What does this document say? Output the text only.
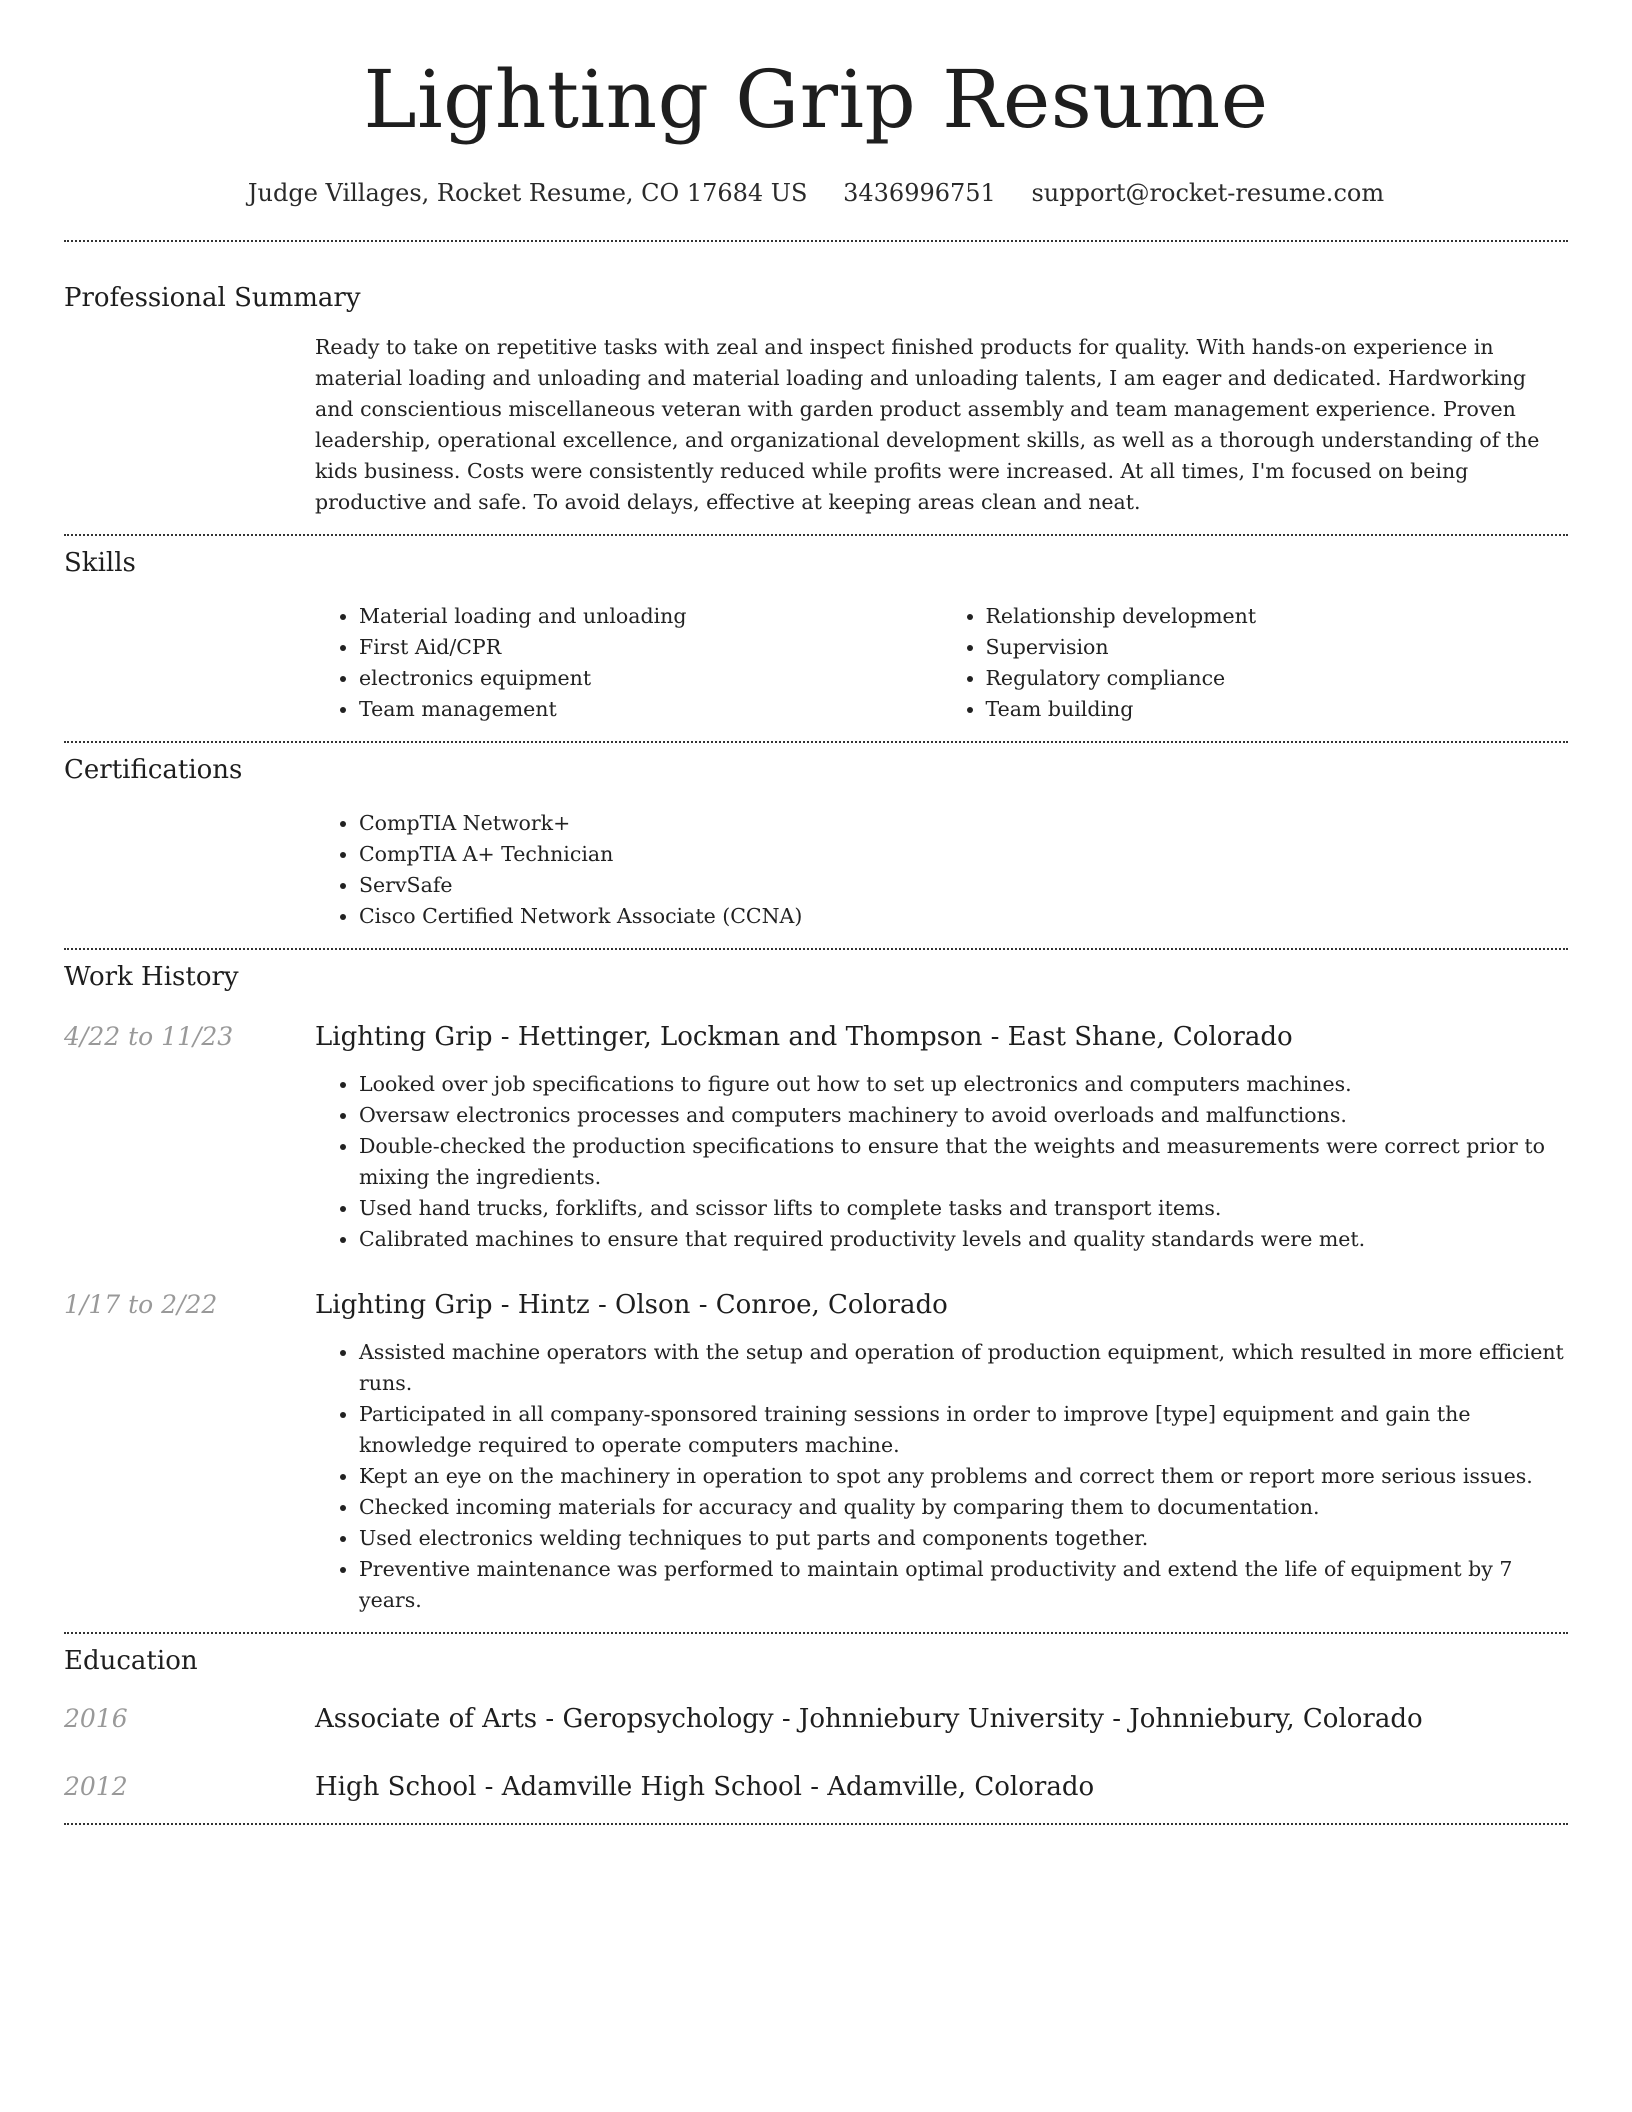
Lighting Grip Resume
Judge Villages, Rocket Resume, CO 17684 US 3436996751 support@rocket-resume.com
Professional Summary

Ready to take on repetitive tasks with zeal and inspect finished products for quality. With hands-on experience in material loading and unloading and material loading and unloading talents, I am eager and dedicated. Hardworking and conscientious miscellaneous veteran with garden product assembly and team management experience. Proven leadership, operational excellence, and organizational development skills, as well as a thorough understanding of the kids business. Costs were consistently reduced while profits were increased. At all times, I'm focused on being productive and safe. To avoid delays, effective at keeping areas clean and neat.

Skills
• Material loading and unloading
• First Aid/CPR
• electronics equipment
• Team management
• Relationship development
• Supervision
• Regulatory compliance
• Team building
Certifications
• CompTIA Network+
• CompTIA A+ Technician
• ServSafe
• Cisco Certified Network Associate (CCNA)
Work History
4/22 to 11/23	Lighting Grip - Hettinger, Lockman and Thompson - East Shane, Colorado
• Looked over job specifications to figure out how to set up electronics and computers machines.
• Oversaw electronics processes and computers machinery to avoid overloads and malfunctions.
• Double-checked the production specifications to ensure that the weights and measurements were correct prior to mixing the ingredients.
• Used hand trucks, forklifts, and scissor lifts to complete tasks and transport items.
• Calibrated machines to ensure that required productivity levels and quality standards were met.
1/17 to 2/22	Lighting Grip - Hintz - Olson - Conroe, Colorado
• Assisted machine operators with the setup and operation of production equipment, which resulted in more efficient runs.
• Participated in all company-sponsored training sessions in order to improve [type] equipment and gain the knowledge required to operate computers machine.
• Kept an eye on the machinery in operation to spot any problems and correct them or report more serious issues.
• Checked incoming materials for accuracy and quality by comparing them to documentation.
• Used electronics welding techniques to put parts and components together.
• Preventive maintenance was performed to maintain optimal productivity and extend the life of equipment by 7 years.
Education
2016	Associate of Arts - Geropsychology - Johnniebury University - Johnniebury, Colorado
2012	High School - Adamville High School - Adamville, Colorado
